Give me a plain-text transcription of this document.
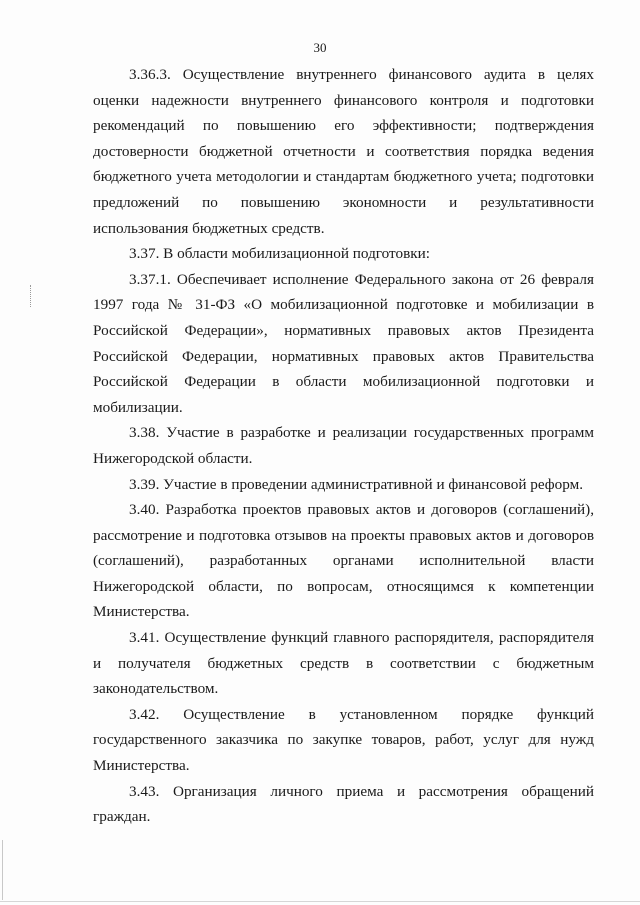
30

3.36.3. Осуществление внутреннего финансового аудита в целях оценки надежности внутреннего финансового контроля и подготовки рекомендаций по повышению его эффективности; подтверждения достоверности бюджетной отчетности и соответствия порядка ведения бюджетного учета методологии и стандартам бюджетного учета; подготовки предложений по повышению экономности и результативности использования бюджетных средств.

3.37. В области мобилизационной подготовки:

3.37.1. Обеспечивает исполнение Федерального закона от 26 февраля 1997 года № 31-ФЗ «О мобилизационной подготовке и мобилизации в Российской Федерации», нормативных правовых актов Президента Российской Федерации, нормативных правовых актов Правительства Российской Федерации в области мобилизационной подготовки и мобилизации.

3.38. Участие в разработке и реализации государственных программ Нижегородской области.

3.39. Участие в проведении административной и финансовой реформ.

3.40. Разработка проектов правовых актов и договоров (соглашений), рассмотрение и подготовка отзывов на проекты правовых актов и договоров (соглашений), разработанных органами исполнительной власти Нижегородской области, по вопросам, относящимся к компетенции Министерства.

3.41. Осуществление функций главного распорядителя, распорядителя и получателя бюджетных средств в соответствии с бюджетным законодательством.

3.42. Осуществление в установленном порядке функций государственного заказчика по закупке товаров, работ, услуг для нужд Министерства.

3.43. Организация личного приема и рассмотрения обращений граждан.
